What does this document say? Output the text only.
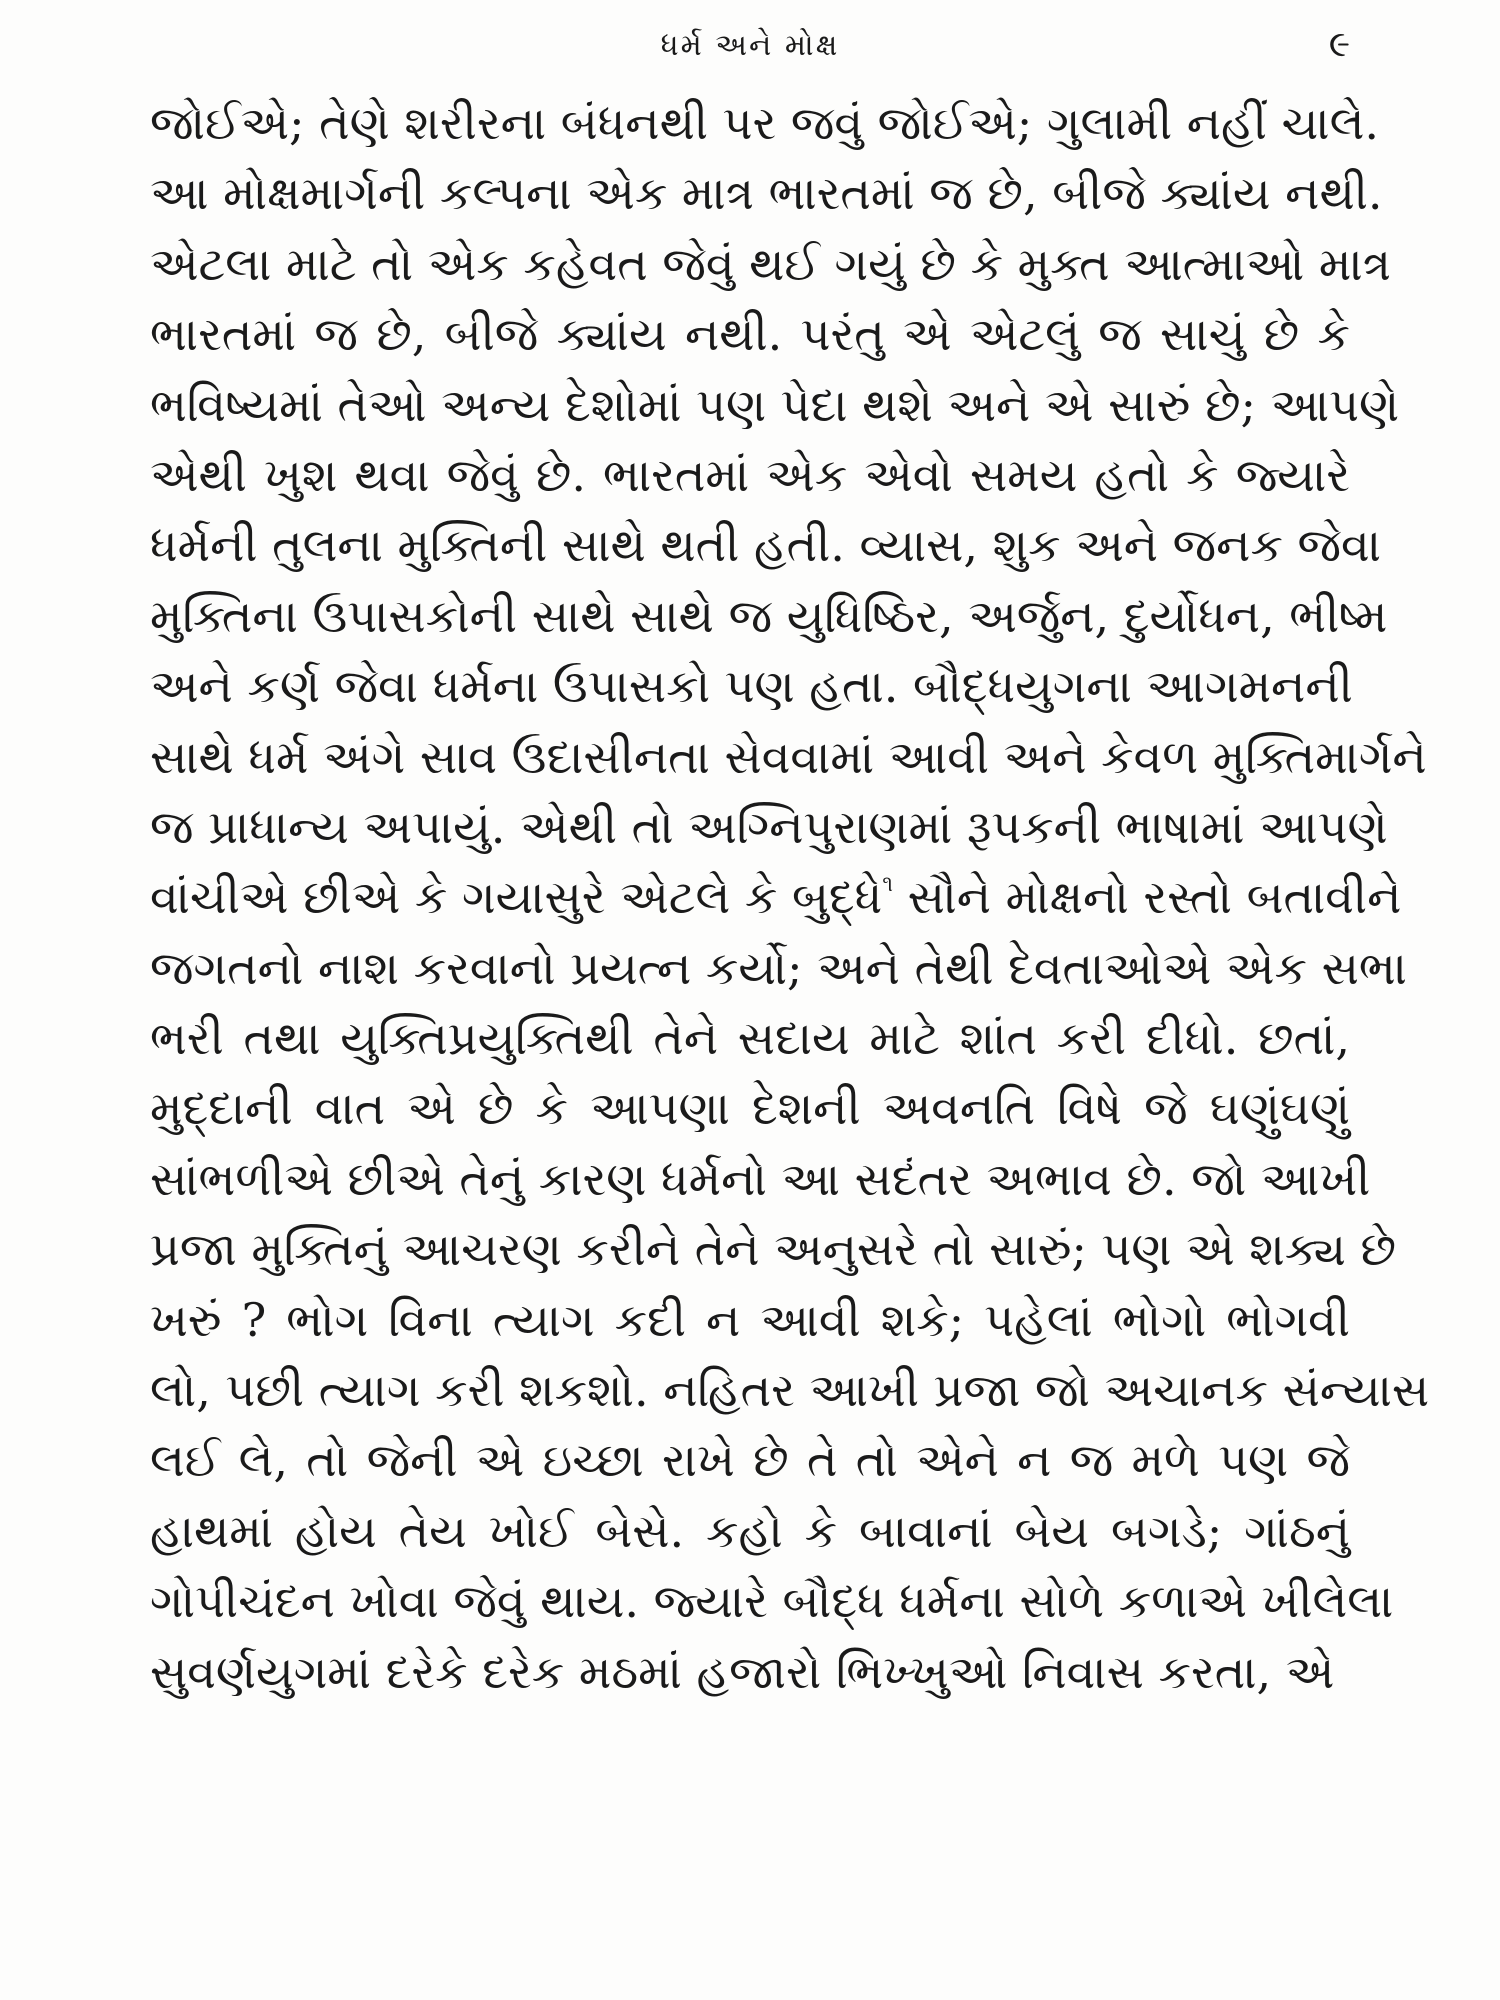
ધર્મ અને મોક્ષ	૯
જોઈએ; તેણે શરીરના બંધનથી પર જવું જોઈએ; ગુલામી નહીં ચાલે.
આ મોક્ષમાર્ગની કલ્પના એક માત્ર ભારતમાં જ છે, બીજે ક્યાંય નથી.
એટલા માટે તો એક કહેવત જેવું થઈ ગયું છે કે મુક્ત આત્માઓ માત્ર
ભારતમાં જ છે, બીજે ક્યાંય નથી. પરંતુ એ એટલું જ સાચું છે કે
ભવિષ્યમાં તેઓ અન્ય દેશોમાં પણ પેદા થશે અને એ સારું છે; આપણે
એથી ખુશ થવા જેવું છે. ભારતમાં એક એવો સમય હતો કે જ્યારે
ધર્મની તુલના મુક્તિની સાથે થતી હતી. વ્યાસ, શુક અને જનક જેવા
મુક્તિના ઉપાસકોની સાથે સાથે જ યુધિષ્ઠિર, અર્જુન, દુર્યોધન, ભીષ્મ
અને કર્ણ જેવા ધર્મના ઉપાસકો પણ હતા. બૌદ્ધયુગના આગમનની
સાથે ધર્મ અંગે સાવ ઉદાસીનતા સેવવામાં આવી અને કેવળ મુક્તિમાર્ગને
જ પ્રાધાન્ય અપાયું. એથી તો અગ્નિપુરાણમાં રૂપકની ભાષામાં આપણે
વાંચીએ છીએ કે ગયાસુરે એટલે કે બુદ્ધે$^૧$ સૌને મોક્ષનો રસ્તો બતાવીને
જગતનો નાશ કરવાનો પ્રયત્ન કર્યો; અને તેથી દેવતાઓએ એક સભા
ભરી તથા યુક્તિપ્રયુક્તિથી તેને સદાય માટે શાંત કરી દીધો. છતાં,
મુદ્દાની વાત એ છે કે આપણા દેશની અવનતિ વિષે જે ઘણુંઘણું
સાંભળીએ છીએ તેનું કારણ ધર્મનો આ સદંતર અભાવ છે. જો આખી
પ્રજા મુક્તિનું આચરણ કરીને તેને અનુસરે તો સારું; પણ એ શક્ય છે
ખરું ? ભોગ વિના ત્યાગ કદી ન આવી શકે; પહેલાં ભોગો ભોગવી
લો, પછી ત્યાગ કરી શકશો. નહિતર આખી પ્રજા જો અચાનક સંન્યાસ
લઈ લે, તો જેની એ ઇચ્છા રાખે છે તે તો એને ન જ મળે પણ જે
હાથમાં હોય તેય ખોઈ બેસે. કહો કે બાવાનાં બેય બગડે; ગાંઠનું
ગોપીચંદન ખોવા જેવું થાય. જ્યારે બૌદ્ધ ધર્મના સોળે કળાએ ખીલેલા
સુવર્ણયુગમાં દરેકે દરેક મઠમાં હજારો ભિખ્ખુઓ નિવાસ કરતા, એ
